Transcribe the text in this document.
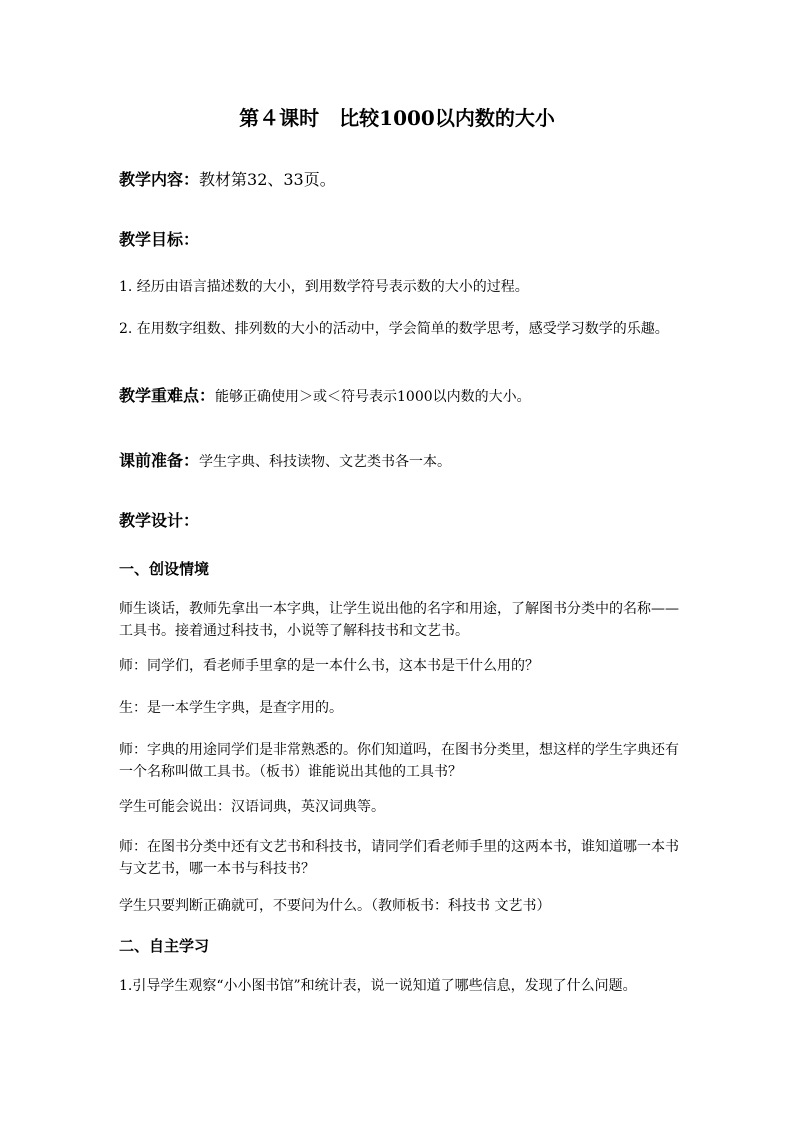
第４课时　比较1000以内数的大小
教学内容：教材第32、33页。
教学目标：
1. 经历由语言描述数的大小，到用数学符号表示数的大小的过程。
2. 在用数字组数、排列数的大小的活动中，学会简单的数学思考，感受学习数学的乐趣。
教学重难点：能够正确使用＞或＜符号表示1000以内数的大小。
课前准备：学生字典、科技读物、文艺类书各一本。
教学设计：
一、创设情境
师生谈话，教师先拿出一本字典，让学生说出他的名字和用途，了解图书分类中的名称——工具书。接着通过科技书，小说等了解科技书和文艺书。
师：同学们，看老师手里拿的是一本什么书，这本书是干什么用的？
生：是一本学生字典，是查字用的。
师：字典的用途同学们是非常熟悉的。你们知道吗，在图书分类里，想这样的学生字典还有一个名称叫做工具书。（板书）谁能说出其他的工具书？
学生可能会说出：汉语词典，英汉词典等。
师：在图书分类中还有文艺书和科技书，请同学们看老师手里的这两本书，谁知道哪一本书与文艺书，哪一本书与科技书？
学生只要判断正确就可，不要问为什么。（教师板书：科技书 文艺书）
二、自主学习
1.引导学生观察“小小图书馆”和统计表，说一说知道了哪些信息，发现了什么问题。
